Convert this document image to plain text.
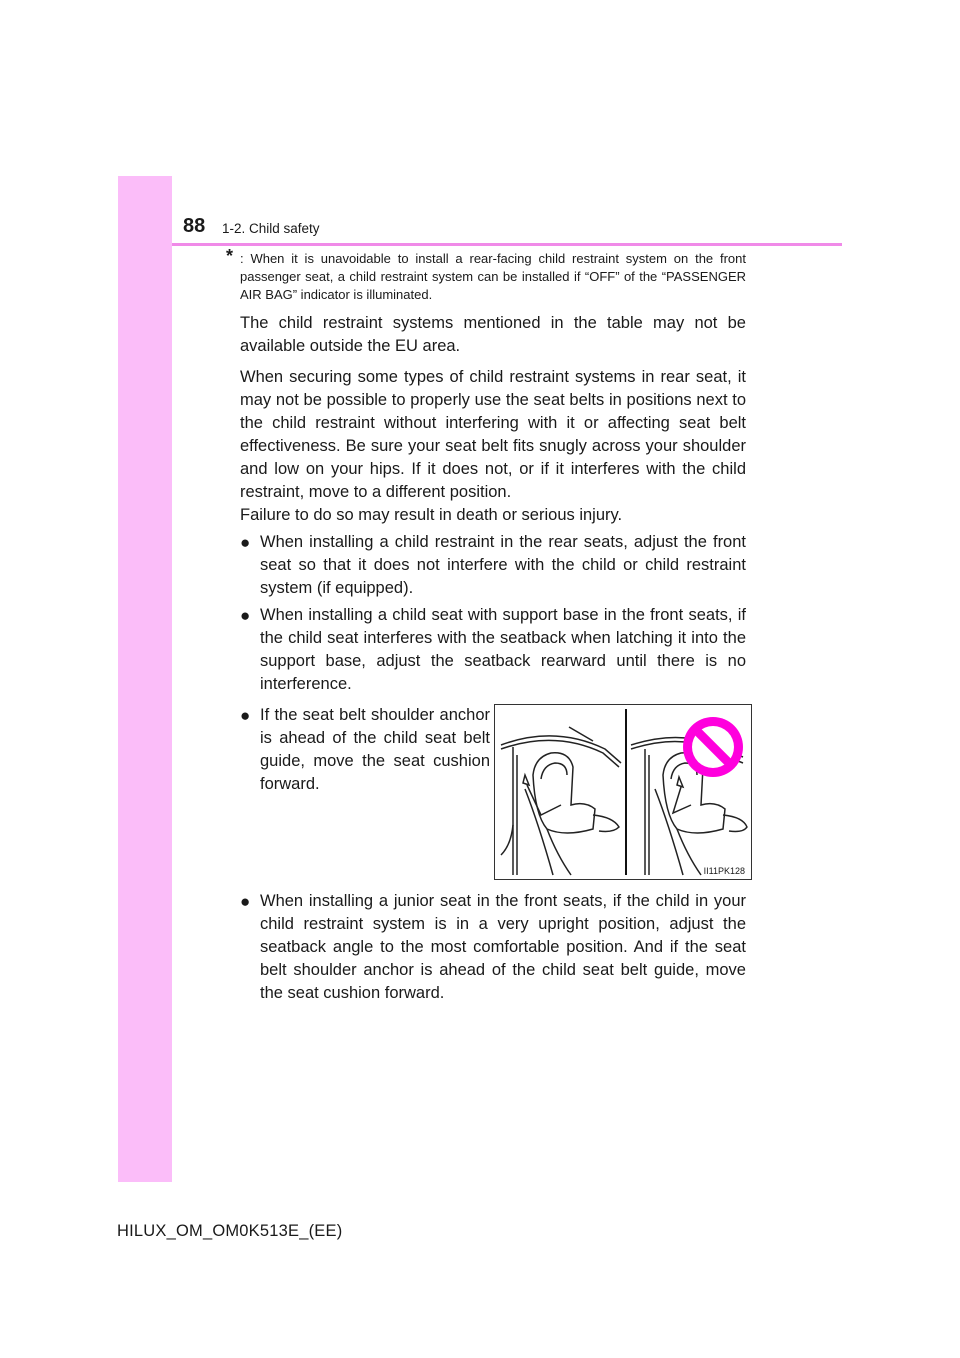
88 1-2. Child safety

* : When it is unavoidable to install a rear-facing child restraint system on the front passenger seat, a child restraint system can be installed if “OFF” of the “PASSENGER AIR BAG” indicator is illuminated.

The child restraint systems mentioned in the table may not be available outside the EU area.

When securing some types of child restraint systems in rear seat, it may not be possible to properly use the seat belts in positions next to the child restraint without interfering with it or affecting seat belt effectiveness. Be sure your seat belt fits snugly across your shoulder and low on your hips. If it does not, or if it interferes with the child restraint, move to a different position.

Failure to do so may result in death or serious injury.

● When installing a child restraint in the rear seats, adjust the front seat so that it does not interfere with the child or child restraint system (if equipped).
● When installing a child seat with support base in the front seats, if the child seat interferes with the seatback when latching it into the support base, adjust the seatback rearward until there is no interference.
● If the seat belt shoulder anchor is ahead of the child seat belt guide, move the seat cushion forward.
II11PK128
● When installing a junior seat in the front seats, if the child in your child restraint system is in a very upright position, adjust the seatback angle to the most comfortable position. And if the seat belt shoulder anchor is ahead of the child seat belt guide, move the seat cushion forward.
HILUX_OM_OM0K513E_(EE)
